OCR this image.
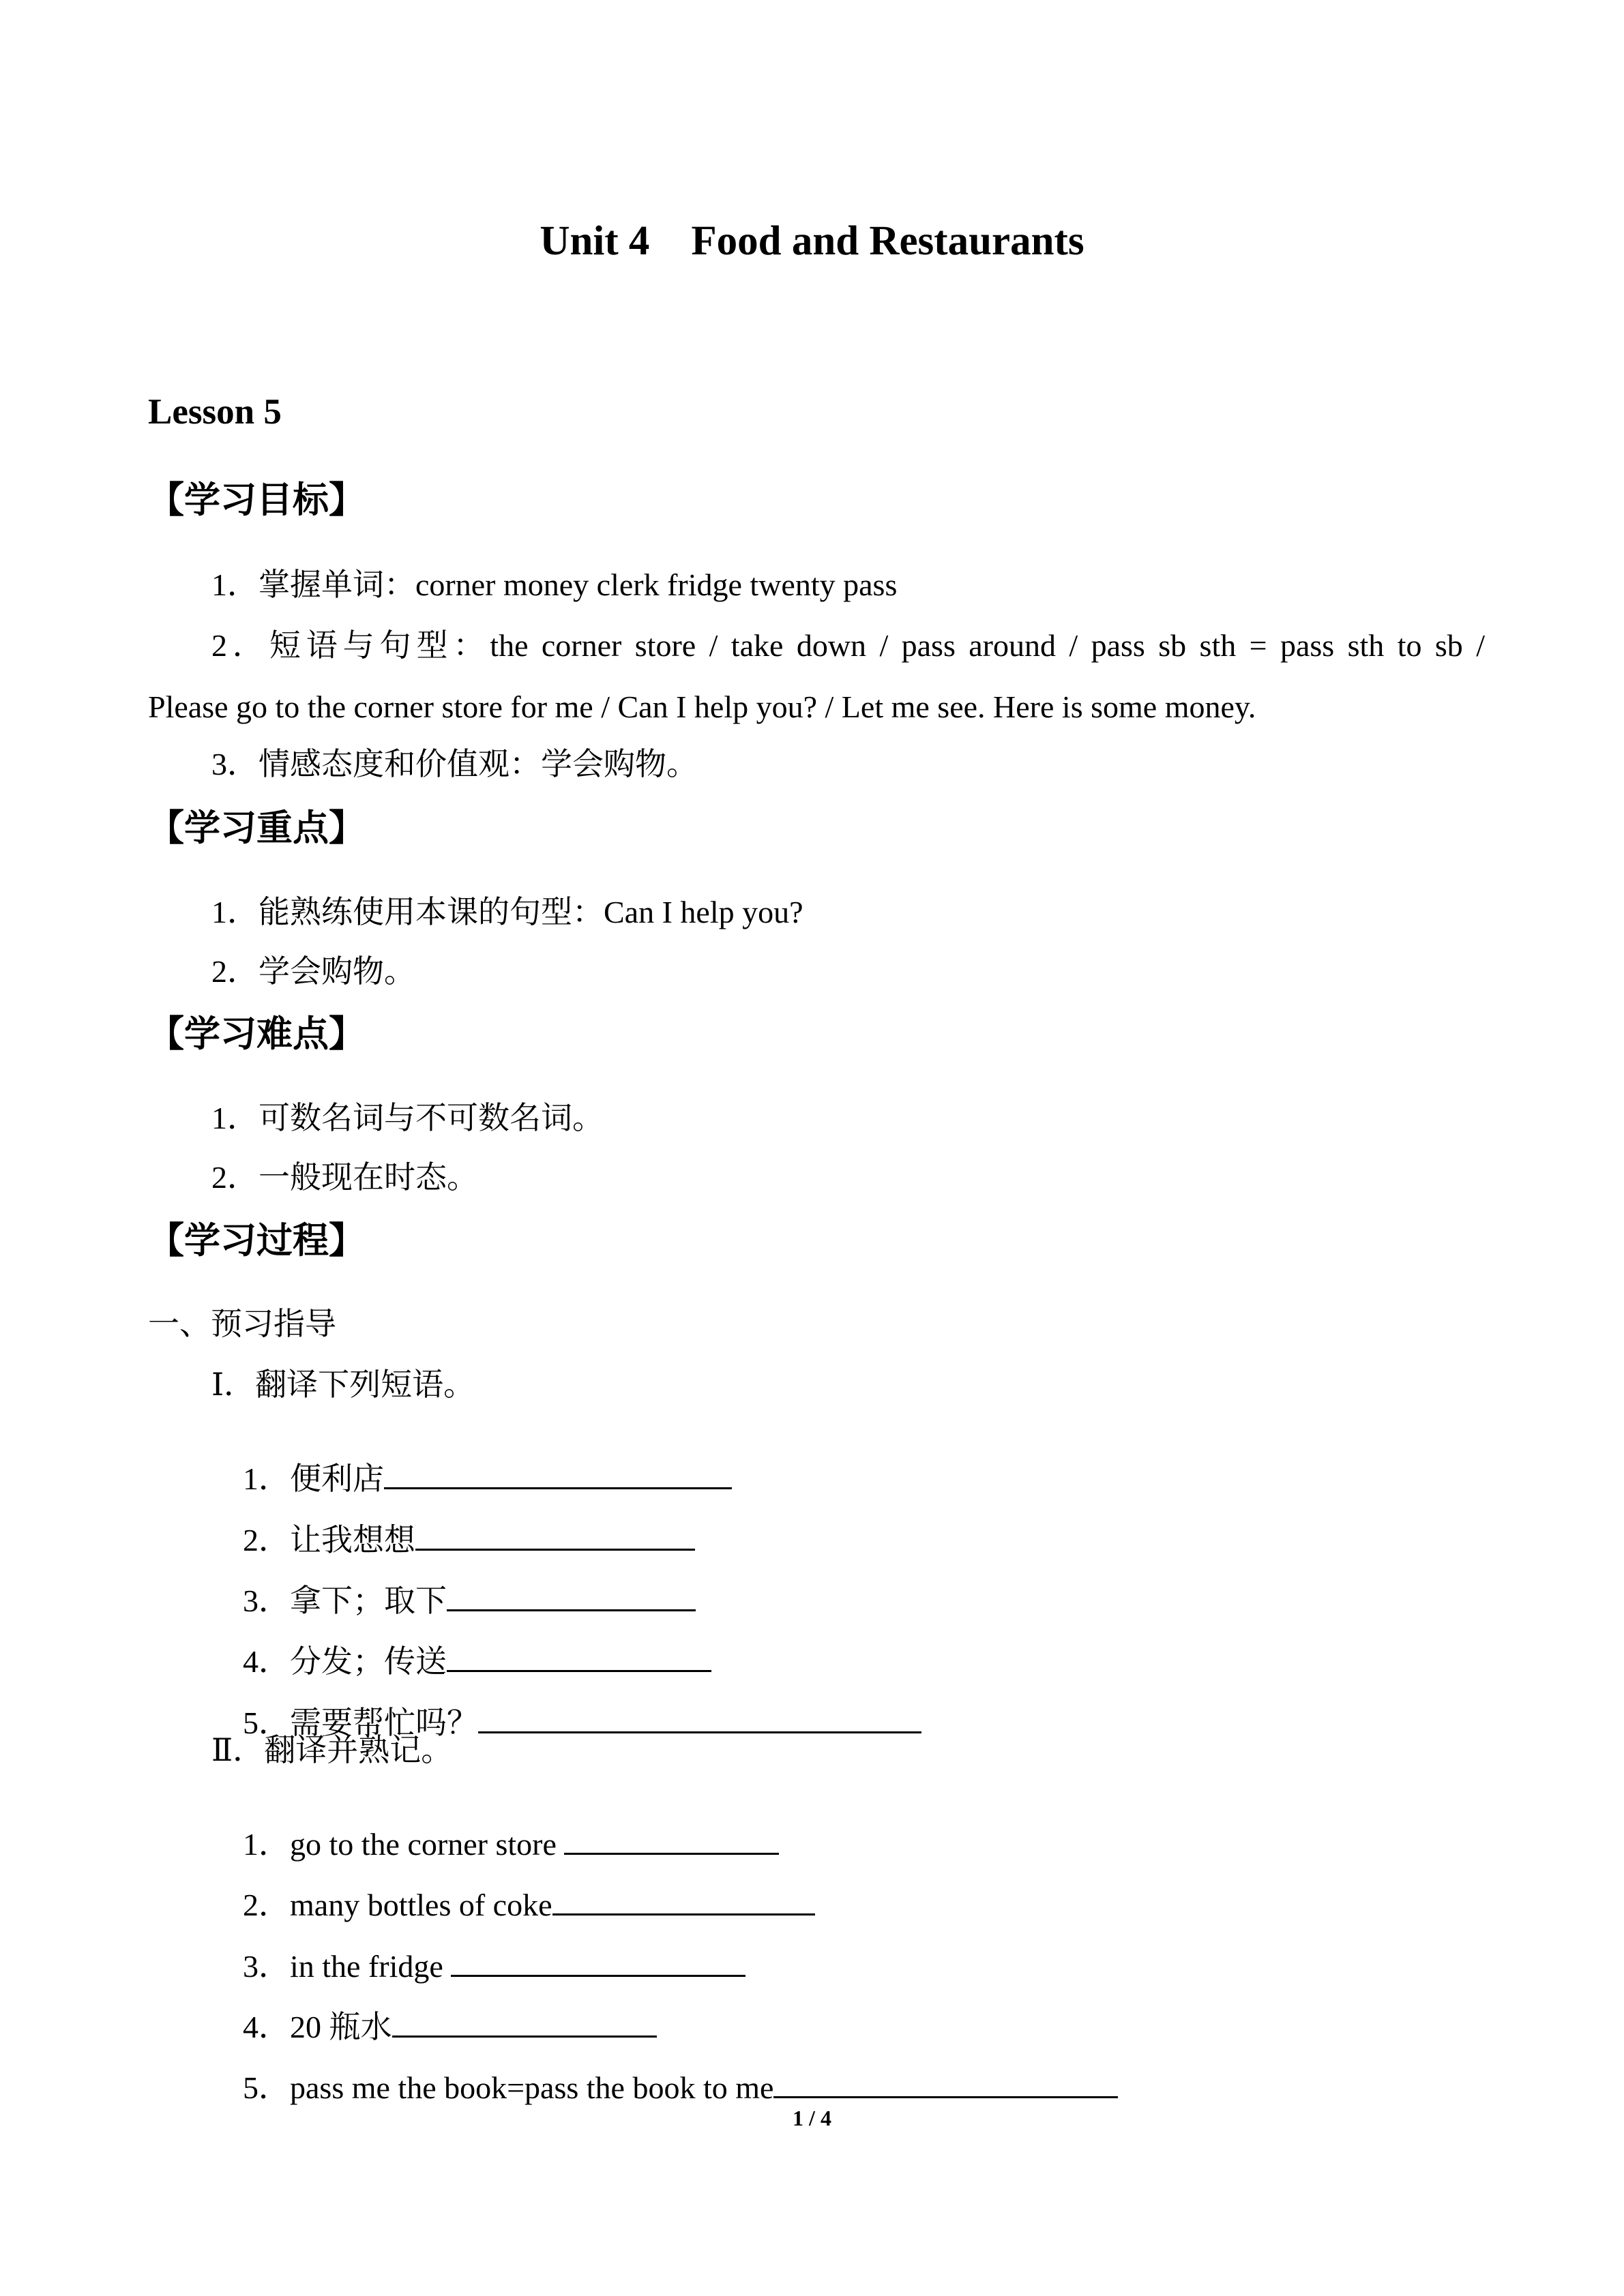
Unit 4    Food and Restaurants
Lesson 5
【学习目标】
1．掌握单词：corner money clerk fridge twenty pass
2．短语与句型：the corner store / take down / pass around / pass sb sth = pass sth to sb /
Please go to the corner store for me / Can I help you? / Let me see. Here is some money.
3．情感态度和价值观：学会购物。
【学习重点】
1．能熟练使用本课的句型：Can I help you?
2．学会购物。
【学习难点】
1．可数名词与不可数名词。
2．一般现在时态。
【学习过程】
一、预习指导
Ⅰ．翻译下列短语。

1．便利店

2．让我想想

3．拿下；取下

4．分发；传送

5．需要帮忙吗？

Ⅱ．翻译并熟记。

1．go to the corner store

2．many bottles of coke

3．in the fridge

4．20 瓶水

5．pass me the book=pass the book to me

1 / 4
